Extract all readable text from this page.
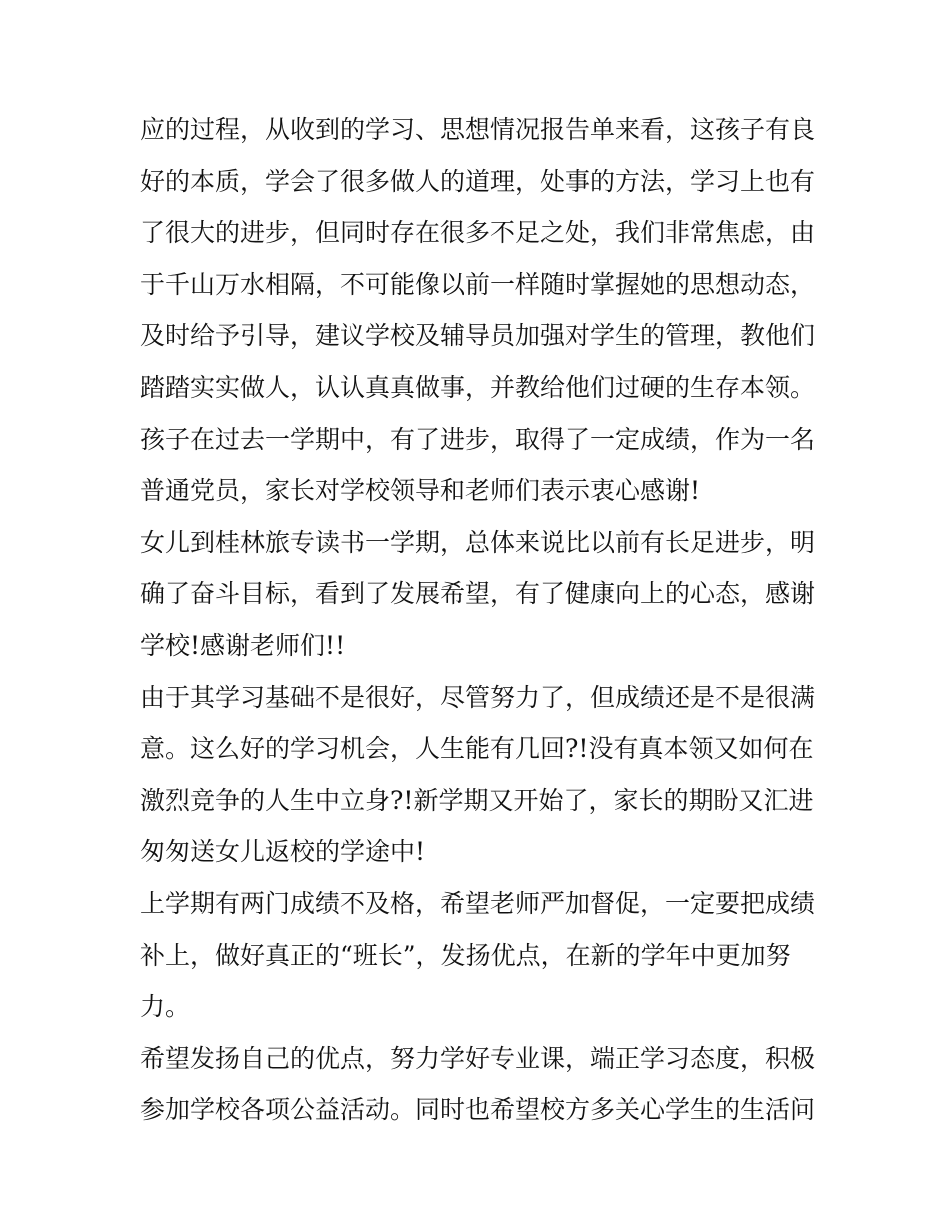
应的过程，从收到的学习、思想情况报告单来看，这孩子有良
好的本质，学会了很多做人的道理，处事的方法，学习上也有
了很大的进步，但同时存在很多不足之处，我们非常焦虑，由
于千山万水相隔，不可能像以前一样随时掌握她的思想动态，
及时给予引导，建议学校及辅导员加强对学生的管理，教他们
踏踏实实做人，认认真真做事，并教给他们过硬的生存本领。
孩子在过去一学期中，有了进步，取得了一定成绩，作为一名
普通党员，家长对学校领导和老师们表示衷心感谢!
女儿到桂林旅专读书一学期，总体来说比以前有长足进步，明
确了奋斗目标，看到了发展希望，有了健康向上的心态，感谢
学校!感谢老师们!!
由于其学习基础不是很好，尽管努力了，但成绩还是不是很满
意。这么好的学习机会，人生能有几回?!没有真本领又如何在
激烈竞争的人生中立身?!新学期又开始了，家长的期盼又汇进
匆匆送女儿返校的学途中!
上学期有两门成绩不及格，希望老师严加督促，一定要把成绩
补上，做好真正的“班长”，发扬优点，在新的学年中更加努
力。
希望发扬自己的优点，努力学好专业课，端正学习态度，积极
参加学校各项公益活动。同时也希望校方多关心学生的生活问
